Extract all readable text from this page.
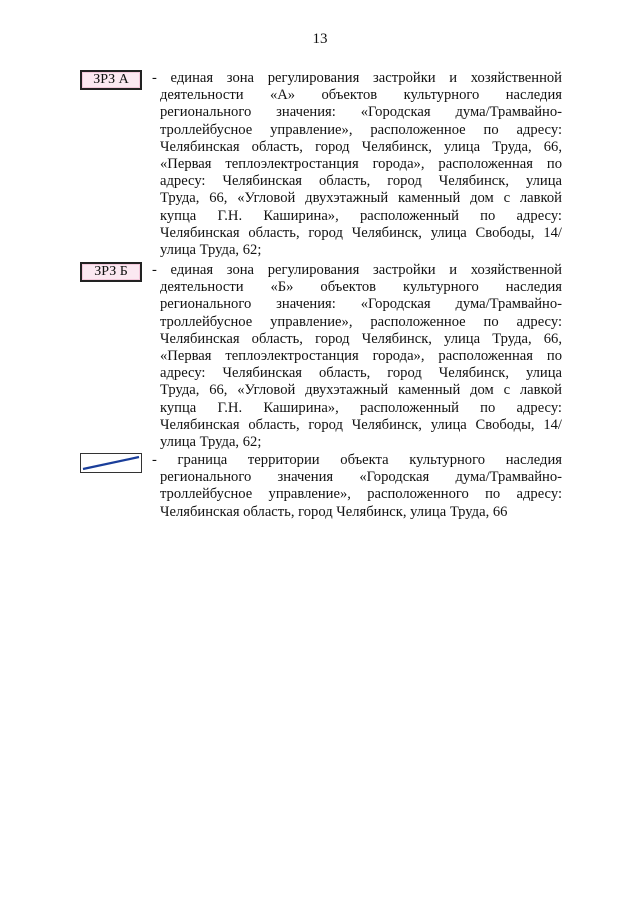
13
ЗРЗ А	- единая зона регулирования застройки и хозяйственной
деятельности «А» объектов культурного наследия
регионального значения: «Городская дума/Трамвайно-
троллейбусное управление», расположенное по адресу:
Челябинская область, город Челябинск, улица Труда, 66,
«Первая теплоэлектростанция города», расположенная по
адресу: Челябинская область, город Челябинск, улица
Труда, 66, «Угловой двухэтажный каменный дом с лавкой
купца Г.Н. Каширина», расположенный по адресу:
Челябинская область, город Челябинск, улица Свободы, 14/
улица Труда, 62;
ЗРЗ Б	- единая зона регулирования застройки и хозяйственной
деятельности «Б» объектов культурного наследия
регионального значения: «Городская дума/Трамвайно-
троллейбусное управление», расположенное по адресу:
Челябинская область, город Челябинск, улица Труда, 66,
«Первая теплоэлектростанция города», расположенная по
адресу: Челябинская область, город Челябинск, улица
Труда, 66, «Угловой двухэтажный каменный дом с лавкой
купца Г.Н. Каширина», расположенный по адресу:
Челябинская область, город Челябинск, улица Свободы, 14/
улица Труда, 62;
- граница территории объекта культурного наследия
регионального значения «Городская дума/Трамвайно-
троллейбусное управление», расположенного по адресу:
Челябинская область, город Челябинск, улица Труда, 66
